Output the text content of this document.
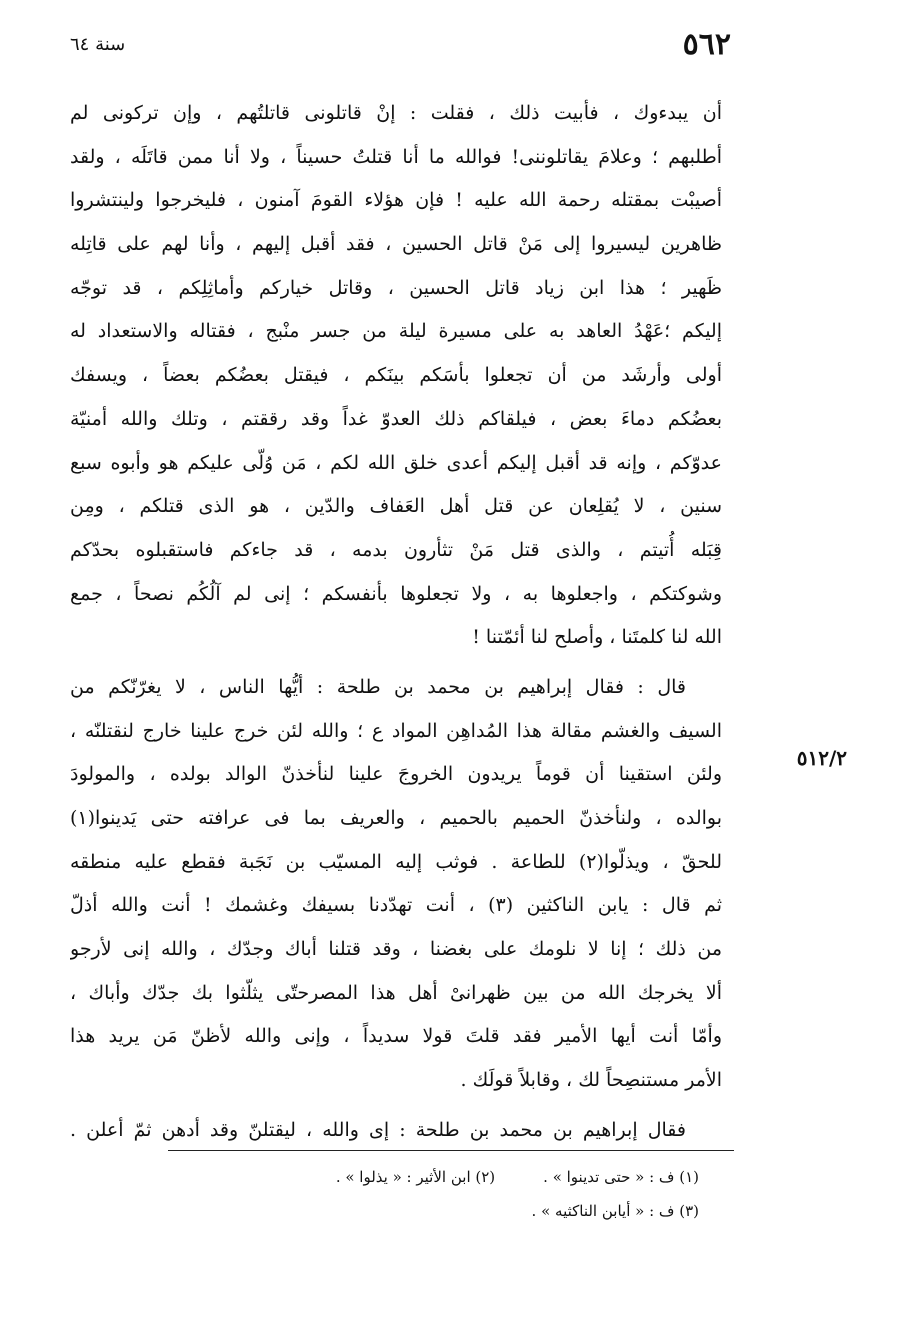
٥٦٢
سنة ٦٤
أن يبدءوك ، فأبيت ذلك ، فقلت : إنْ قاتلونى قاتلتُهم ، وإن تركونى لم
أطلبهم ؛ وعلامَ يقاتلوننى! فوالله ما أنا قتلتُ حسيناً ، ولا أنا ممن قاتَلَه ، ولقد
أصيبْت بمقتله رحمة الله عليه ! فإن هؤلاء القومَ آمنون ، فليخرجوا ولينتشروا
ظاهرين ليسيروا إلى مَنْ قاتل الحسين ، فقد أقبل إليهم ، وأنا لهم على قاتِله
ظَهير ؛ هذا ابن زياد قاتل الحسين ، وقاتل خياركم وأماثِلِكم ، قد توجّه
إليكم ؛عَهْدُ العاهد به على مسيرة ليلة من جسر منْبج ، فقتاله والاستعداد له
أولى وأرشَد من أن تجعلوا بأسَكم بينَكم ، فيقتل بعضُكم بعضاً ، ويسفك
بعضُكم دماءَ بعض ، فيلقاكم ذلك العدوّ غداً وقد رققتم ، وتلك والله أمنيّة
عدوّكم ، وإنه قد أقبل إليكم أعدى خلق الله لكم ، مَن وُلّى عليكم هو وأبوه سبع
سنين ، لا يُقلِعان عن قتل أهل العَفاف والدّين ، هو الذى قتلكم ، ومِن
قِبَله أُتيتم ، والذى قتل مَنْ تثأرون بدمه ، قد جاءكم فاستقبلوه بحدّكم
وشوكتكم ، واجعلوها به ، ولا تجعلوها بأنفسكم ؛ إنى لم آلُكُم نصحاً ، جمع
الله لنا كلمتَنا ، وأصلح لنا أئمّتنا !
قال : فقال إبراهيم بن محمد بن طلحة : أيُّها الناس ، لا يغرّنّكم من
السيف والغشم مقالة هذا المُداهِن المواد ع ؛ والله لئن خرج علينا خارج لنقتلنّه ،
ولئن استقينا أن قوماً يريدون الخروجَ علينا لنأخذنّ الوالد بولده ، والمولودَ
بوالده ، ولنأخذنّ الحميم بالحميم ، والعريف بما فى عرافته حتى يَدينوا(١)
للحقّ ، ويذلّوا(٢) للطاعة . فوثب إليه المسيّب بن نَجَبة فقطع عليه منطقه
ثم قال : يابن الناكثين (٣) ، أنت تهدّدنا بسيفك وغشمك ! أنت والله أذلّ
من ذلك ؛ إنا لا نلومك على بغضنا ، وقد قتلنا أباك وجدّك ، والله إنى لأرجو
ألا يخرجك الله من بين ظهرانىْ أهل هذا المصرحتّى يثلّثوا بك جدّك وأباك ،
وأمّا أنت أيها الأمير فقد قلتَ قولا سديداً ، وإنى والله لأظنّ مَن يريد هذا
الأمر مستنصِحاً لك ، وقابلاً قولَك .
فقال إبراهيم بن محمد بن طلحة : إى والله ، ليقتلنّ وقد أدهن ثمّ أعلن .
٥١٢/٢
(١) ف : « حتى تدينوا » .
(٢) ابن الأثير : « يذلوا » .
(٣) ف : « أيابن الناكثيه » .
